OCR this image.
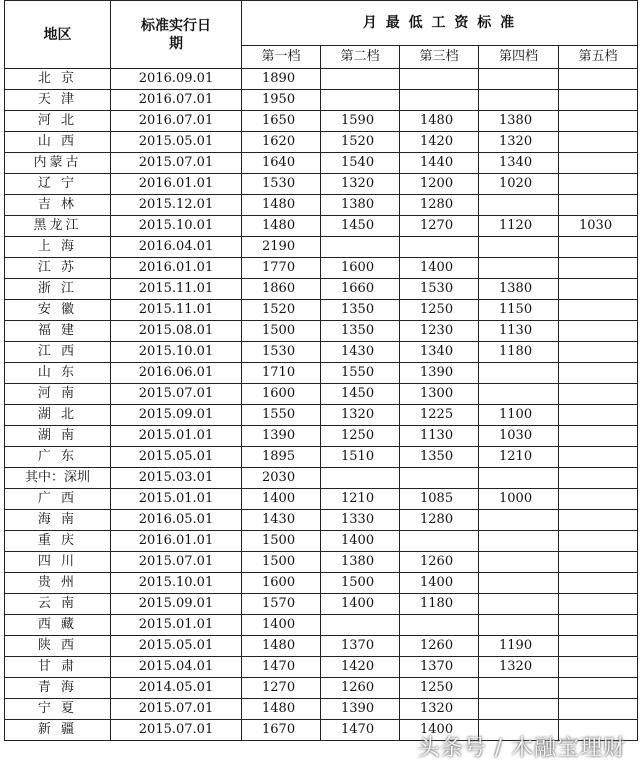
地区	标准实行日期	月 最 低 工 资 标 准				
		第一档	第二档	第三档	第四档	第五档
北 京	2016.09.01	1890				
天 津	2016.07.01	1950				
河 北	2016.07.01	1650	1590	1480	1380	
山 西	2015.05.01	1620	1520	1420	1320	
内蒙古	2015.07.01	1640	1540	1440	1340	
辽 宁	2016.01.01	1530	1320	1200	1020	
吉 林	2015.12.01	1480	1380	1280		
黑龙江	2015.10.01	1480	1450	1270	1120	1030
上 海	2016.04.01	2190				
江 苏	2016.01.01	1770	1600	1400		
浙 江	2015.11.01	1860	1660	1530	1380	
安 徽	2015.11.01	1520	1350	1250	1150	
福 建	2015.08.01	1500	1350	1230	1130	
江 西	2015.10.01	1530	1430	1340	1180	
山 东	2016.06.01	1710	1550	1390		
河 南	2015.07.01	1600	1450	1300		
湖 北	2015.09.01	1550	1320	1225	1100	
湖 南	2015.01.01	1390	1250	1130	1030	
广 东	2015.05.01	1895	1510	1350	1210	
其中：深圳	2015.03.01	2030				
广 西	2015.01.01	1400	1210	1085	1000	
海 南	2016.05.01	1430	1330	1280		
重 庆	2016.01.01	1500	1400			
四 川	2015.07.01	1500	1380	1260		
贵 州	2015.10.01	1600	1500	1400		
云 南	2015.09.01	1570	1400	1180		
西 藏	2015.01.01	1400				
陕 西	2015.05.01	1480	1370	1260	1190	
甘 肃	2015.04.01	1470	1420	1370	1320	
青 海	2014.05.01	1270	1260	1250		
宁 夏	2015.07.01	1480	1390	1320		
新 疆	2015.07.01	1670	1470	1400		
头条号 / 木融宝理财
